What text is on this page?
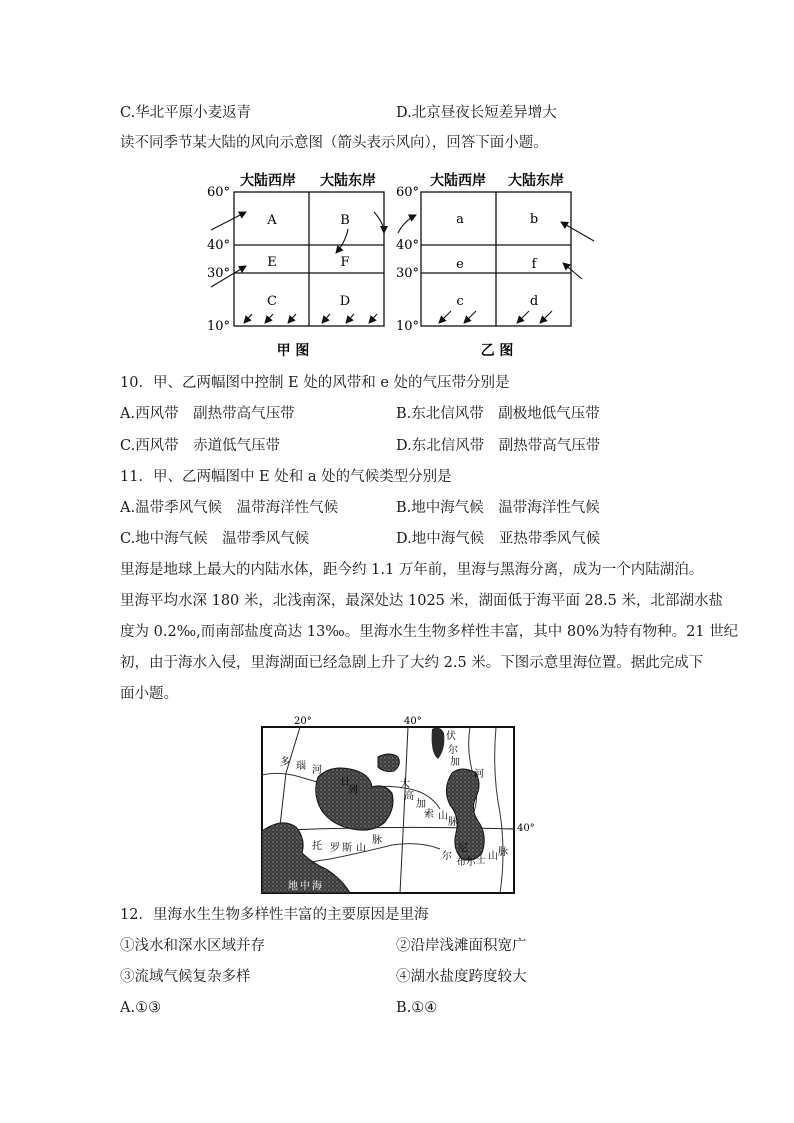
C.华北平原小麦返青	D.北京昼夜长短差异增大
读不同季节某大陆的风向示意图（箭头表示风向），回答下面小题。
大陆西岸 大陆东岸	大陆西岸 大陆东岸
60°
40°
30°
10°
60°
40°
30°
10°
A	B
E	F
C	D
a	b
e	f
c	d
甲 图	乙 图
10．甲、乙两幅图中控制 E 处的风带和 e 处的气压带分别是
A.西风带　副热带高气压带	B.东北信风带　副极地低气压带
C.西风带　赤道低气压带	D.东北信风带　副热带高气压带
11．甲、乙两幅图中 E 处和 a 处的气候类型分别是
A.温带季风气候　温带海洋性气候	B.地中海气候　温带海洋性气候
C.地中海气候　温带季风气候	D.地中海气候　亚热带季风气候
里海是地球上最大的内陆水体，距今约 1.1 万年前，里海与黑海分离，成为一个内陆湖泊。
里海平均水深 180 米，北浅南深，最深处达 1025 米，湖面低于海平面 28.5 米，北部湖水盐
度为 0.2‰,而南部盐度高达 13‰。里海水生生物多样性丰富，其中 80%为特有物种。21 世纪
初，由于海水入侵，里海湖面已经急剧上升了大约 2.5 米。下图示意里海位置。据此完成下
面小题。
20°	40°
40°
多 瑙 河
日
列
大
高
加
索 山
脉
伏
尔
加
河
尼
尔
布 尔 士 山 脉
托 罗 斯 山
脉
地 中 海
12．里海水生生物多样性丰富的主要原因是里海
①浅水和深水区域并存	②沿岸浅滩面积宽广
③流域气候复杂多样	④湖水盐度跨度较大
A.①③	B.①④
